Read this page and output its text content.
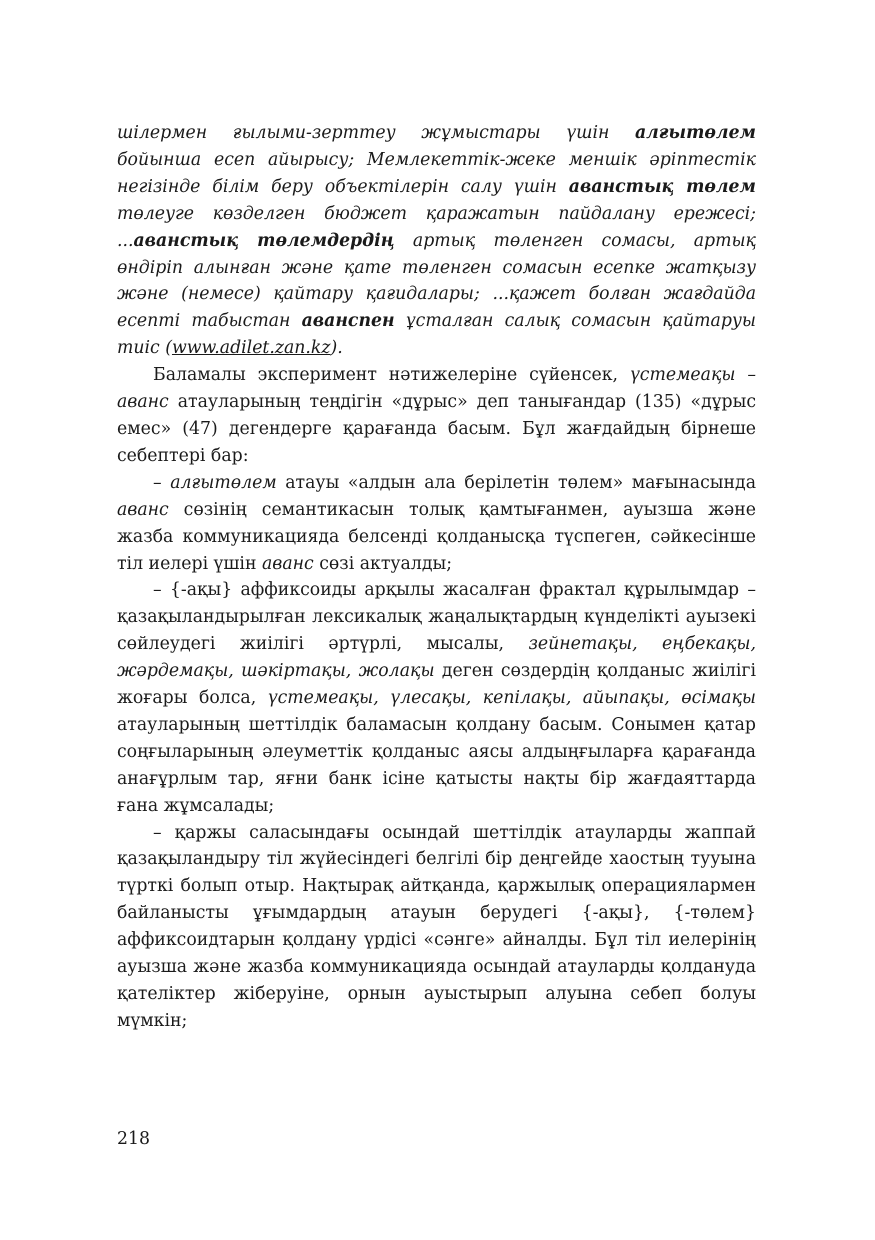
шілермен ғылыми-зерттеу жұмыстары үшін алғытөлем бойынша есеп айырысу; Мемлекеттік-жеке меншік әріптестік негізінде білім беру объектілерін салу үшін аванстық төлем төлеуге көзделген бюджет қаражатын пайдалану ережесі; ...аванстық төлемдердің артық төленген сомасы, артық өндіріп алынған және қате төленген сомасын есепке жатқызу және (немесе) қайтару қағидалары; ...қажет болған жағдайда есепті табыстан аванспен ұсталған салық сомасын қайтаруы тиіс (www.adilet.zan.kz).

Баламалы эксперимент нәтижелеріне сүйенсек, үстемеақы – аванс атауларының теңдігін «дұрыс» деп танығандар (135) «дұрыс емес» (47) дегендерге қарағанда басым. Бұл жағдайдың бірнеше себептері бар:

– алғытөлем атауы «алдын ала берілетін төлем» мағынасында аванс сөзінің семантикасын толық қамтығанмен, ауызша және жазба коммуникацияда белсенді қолданысқа түспеген, сәйкесінше тіл иелері үшін аванс сөзі актуалды;

– {-ақы} аффиксоиды арқылы жасалған фрактал құрылымдар – қазақыландырылған лексикалық жаңалықтардың күнделікті ауызекі сөйлеудегі жиілігі әртүрлі, мысалы, зейнетақы, еңбекақы, жәрдемақы, шәкіртақы, жолақы деген сөздердің қолданыс жиілігі жоғары болса, үстемеақы, үлесақы, кепілақы, айыпақы, өсімақы атауларының шеттілдік баламасын қолдану басым. Сонымен қатар соңғыларының әлеуметтік қолданыс аясы алдыңғыларға қарағанда анағұрлым тар, яғни банк ісіне қатысты нақты бір жағдаяттарда ғана жұмсалады;

– қаржы саласындағы осындай шеттілдік атауларды жаппай қазақыландыру тіл жүйесіндегі белгілі бір деңгейде хаостың тууына түрткі болып отыр. Нақтырақ айтқанда, қаржылық операциялармен байланысты ұғымдардың атауын берудегі {-ақы}, {-төлем} аффиксоидтарын қолдану үрдісі «сәнге» айналды. Бұл тіл иелерінің ауызша және жазба коммуникацияда осындай атауларды қолдануда қателіктер жіберуіне, орнын ауыстырып алуына себеп болуы мүмкін;

218
